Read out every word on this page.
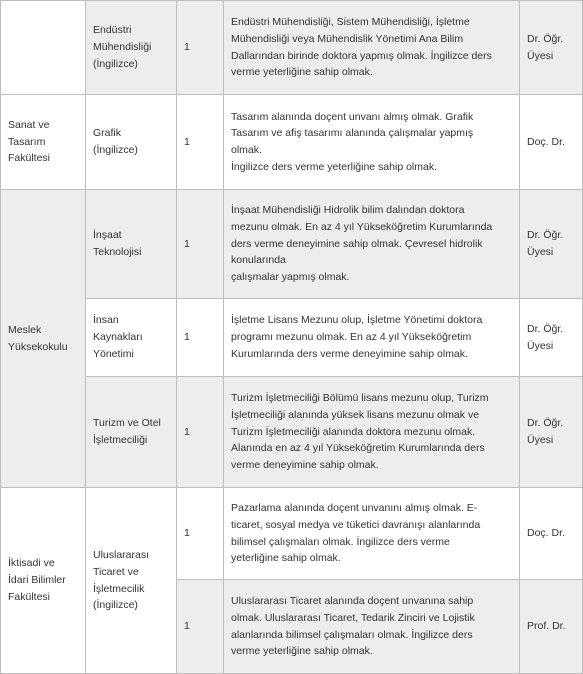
Endüstri
Mühendisliği
(İngilizce)
1
Endüstri Mühendisliği, Sistem Mühendisliği, İşletme
Mühendisliği veya Mühendislik Yönetimi Ana Bilim
Dallarından birinde doktora yapmış olmak. İngilizce ders
verme yeterliğine sahip olmak.
Dr. Öğr.
Üyesi
Sanat ve
Tasarım
Fakültesi
Grafik
(İngilizce)
1
Tasarım alanında doçent unvanı almış olmak. Grafik
Tasarım ve afiş tasarımı alanında çalışmalar yapmış
olmak.
İngilizce ders verme yeterliğine sahip olmak.
Doç. Dr.
Meslek
Yüksekokulu
İnşaat
Teknolojisi
1
İnşaat Mühendisliği Hidrolik bilim dalından doktora
mezunu olmak. En az 4 yıl Yükseköğretim Kurumlarında
ders verme deneyimine sahip olmak. Çevresel hidrolik
konularında
çalışmalar yapmış olmak.
Dr. Öğr.
Üyesi
İnsan
Kaynakları
Yönetimi
1
İşletme Lisans Mezunu olup, İşletme Yönetimi doktora
programı mezunu olmak. En az 4 yıl Yükseköğretim
Kurumlarında ders verme deneyimine sahip olmak.
Dr. Öğr.
Üyesi
Turizm ve Otel
İşletmeciliği
1
Turizm İşletmeciliği Bölümü lisans mezunu olup, Turizm
İşletmeciliği alanında yüksek lisans mezunu olmak ve
Turizm İşletmeciliği alanında doktora mezunu olmak.
Alanında en az 4 yıl Yükseköğretim Kurumlarında ders
verme deneyimine sahip olmak.
Dr. Öğr.
Üyesi
İktisadi ve
İdari Bilimler
Fakültesi
Uluslararası
Ticaret ve
İşletmecilik
(İngilizce)
1
Pazarlama alanında doçent unvanını almış olmak. E-
ticaret, sosyal medya ve tüketici davranışı alanlarında
bilimsel çalışmaları olmak. İngilizce ders verme
yeterliğine sahip olmak.
Doç. Dr.
1
Uluslararası Ticaret alanında doçent unvanına sahip
olmak. Uluslararası Ticaret, Tedarik Zinciri ve Lojistik
alanlarında bilimsel çalışmaları olmak. İngilizce ders
verme yeterliğine sahip olmak.
Prof. Dr.
